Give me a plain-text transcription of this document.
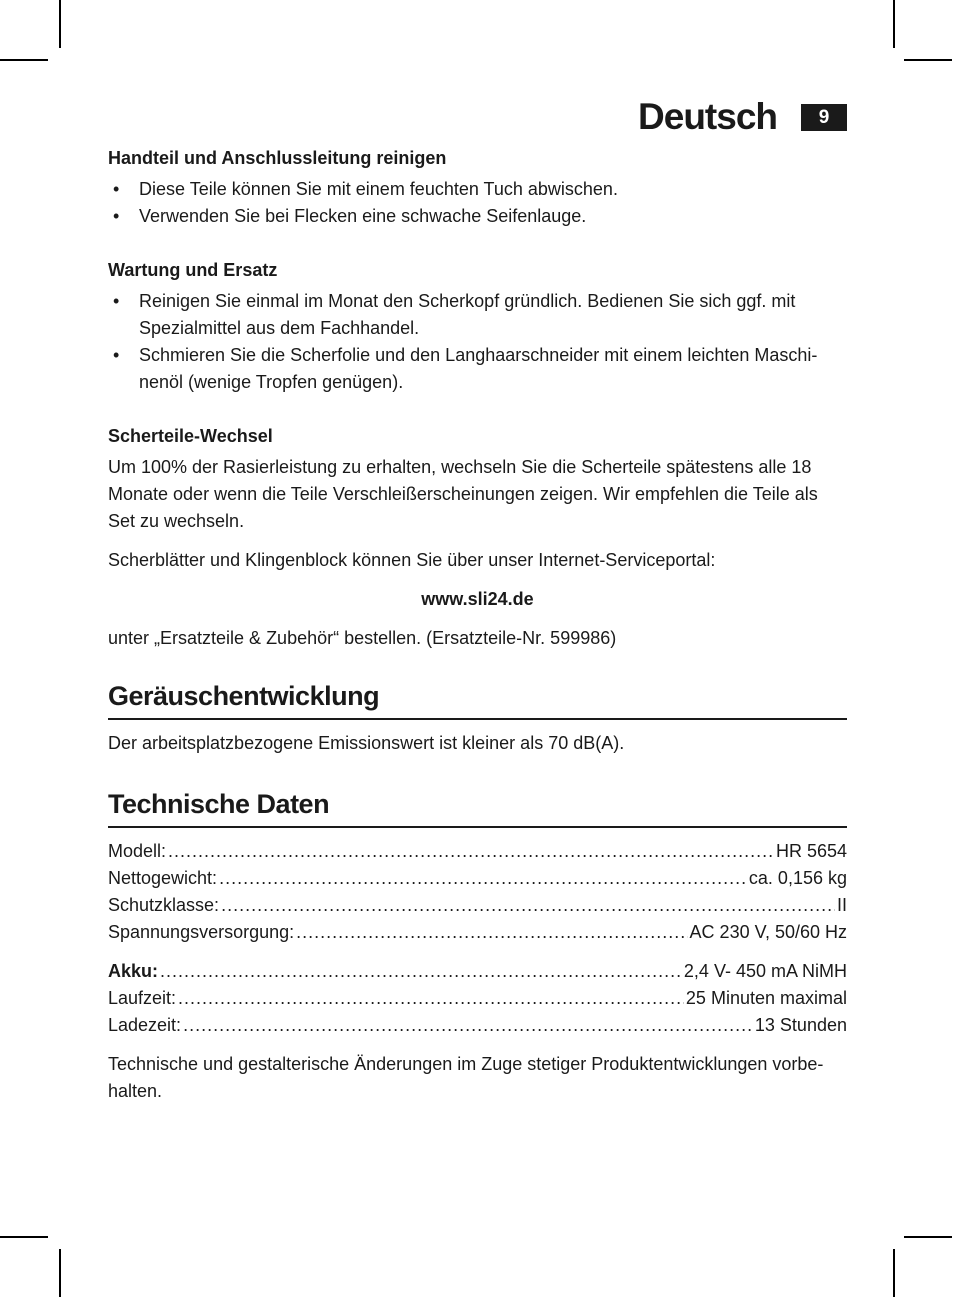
Deutsch	9

Handteil und Anschlussleitung reinigen

• Diese Teile können Sie mit einem feuchten Tuch abwischen.
• Verwenden Sie bei Flecken eine schwache Seifenlauge.

Wartung und Ersatz

• Reinigen Sie einmal im Monat den Scherkopf gründlich. Bedienen Sie sich ggf. mit Spezialmittel aus dem Fachhandel.
• Schmieren Sie die Scherfolie und den Langhaarschneider mit einem leichten Maschinenöl (wenige Tropfen genügen).

Scherteile-Wechsel

Um 100% der Rasierleistung zu erhalten, wechseln Sie die Scherteile spätestens alle 18 Monate oder wenn die Teile Verschleißerscheinungen zeigen. Wir empfehlen die Teile als Set zu wechseln.

Scherblätter und Klingenblock können Sie über unser Internet-Serviceportal:

www.sli24.de

unter „Ersatzteile & Zubehör“ bestellen. (Ersatzteile-Nr. 599986)

Geräuschentwicklung

Der arbeitsplatzbezogene Emissionswert ist kleiner als 70 dB(A).

Technische Daten
Modell: .....	HR 5654
Nettogewicht: .....	ca. 0,156 kg
Schutzklasse: .....	II
Spannungsversorgung: .....	AC 230 V, 50/60 Hz
Akku: .....	2,4 V- 450 mA NiMH
Laufzeit: .....	25 Minuten maximal
Ladezeit: .....	13 Stunden

Technische und gestalterische Änderungen im Zuge stetiger Produktentwicklungen vorbehalten.
